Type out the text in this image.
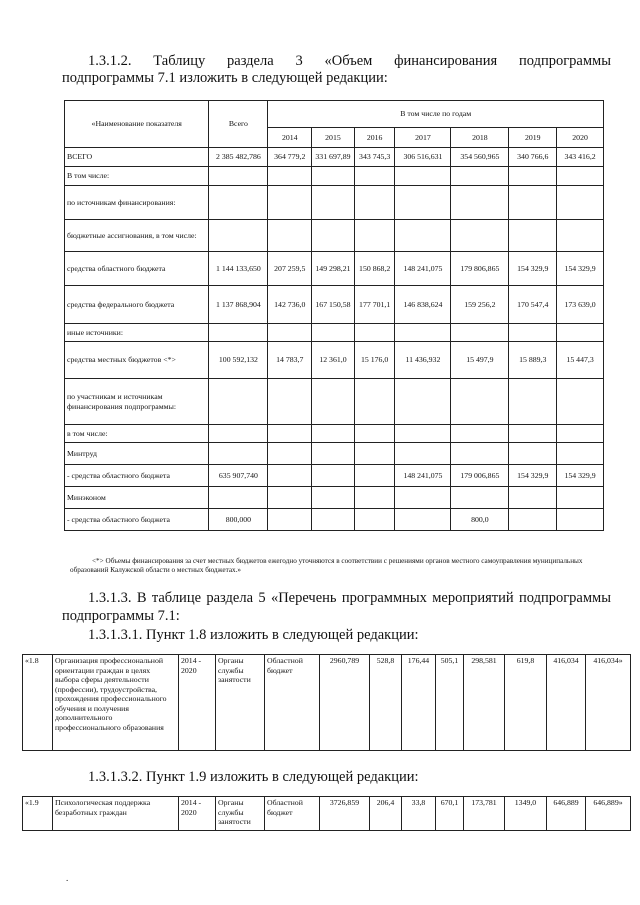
1.3.1.2. Таблицу раздела 3 «Объем финансирования подпрограммы
подпрограммы 7.1 изложить в следующей редакции:
«Наименование показателя	Всего	В том числе по годам						
		2014	2015	2016	2017	2018	2019	2020
ВСЕГО	2 385 482,786	364 779,2	331 697,89	343 745,3	306 516,631	354 560,965	340 766,6	343 416,2
В том числе:								
по источникам финансирования:								
бюджетные ассигнования, в том числе:								
средства областного бюджета	1 144 133,650	207 259,5	149 298,21	150 868,2	148 241,075	179 806,865	154 329,9	154 329,9
средства федерального бюджета	1 137 868,904	142 736,0	167 150,58	177 701,1	146 838,624	159 256,2	170 547,4	173 639,0
иные источники:								
средства местных бюджетов <*>	100 592,132	14 783,7	12 361,0	15 176,0	11 436,932	15 497,9	15 889,3	15 447,3
по участникам и источникам финансирования подпрограммы:								
в том числе:								
Минтруд								
- средства областного бюджета	635 907,740				148 241,075	179 006,865	154 329,9	154 329,9
Минэконом								
- средства областного бюджета	800,000					800,0		
<*> Объемы финансирования за счет местных бюджетов ежегодно уточняются в соответствии с решениями органов местного самоуправления муниципальных образований Калужской области о местных бюджетах.»
1.3.1.3. В таблице раздела 5 «Перечень программных мероприятий подпрограммы
подпрограммы 7.1:
1.3.1.3.1. Пункт 1.8 изложить в следующей редакции:
«1.8	Организация профессиональной ориентации граждан в целях выбора сферы деятельности (профессии), трудоустройства, прохождения профессионального обучения и получения дополнительного профессионального образования	2014 - 2020	Органы службы занятости	Областной бюджет	2960,789	528,8	176,44	505,1	298,581	619,8	416,034	416,034»
1.3.1.3.2. Пункт 1.9 изложить в следующей редакции:
«1.9	Психологическая поддержка безработных граждан	2014 - 2020	Органы службы занятости	Областной бюджет	3726,859	206,4	33,8	670,1	173,781	1349,0	646,889	646,889»
.
